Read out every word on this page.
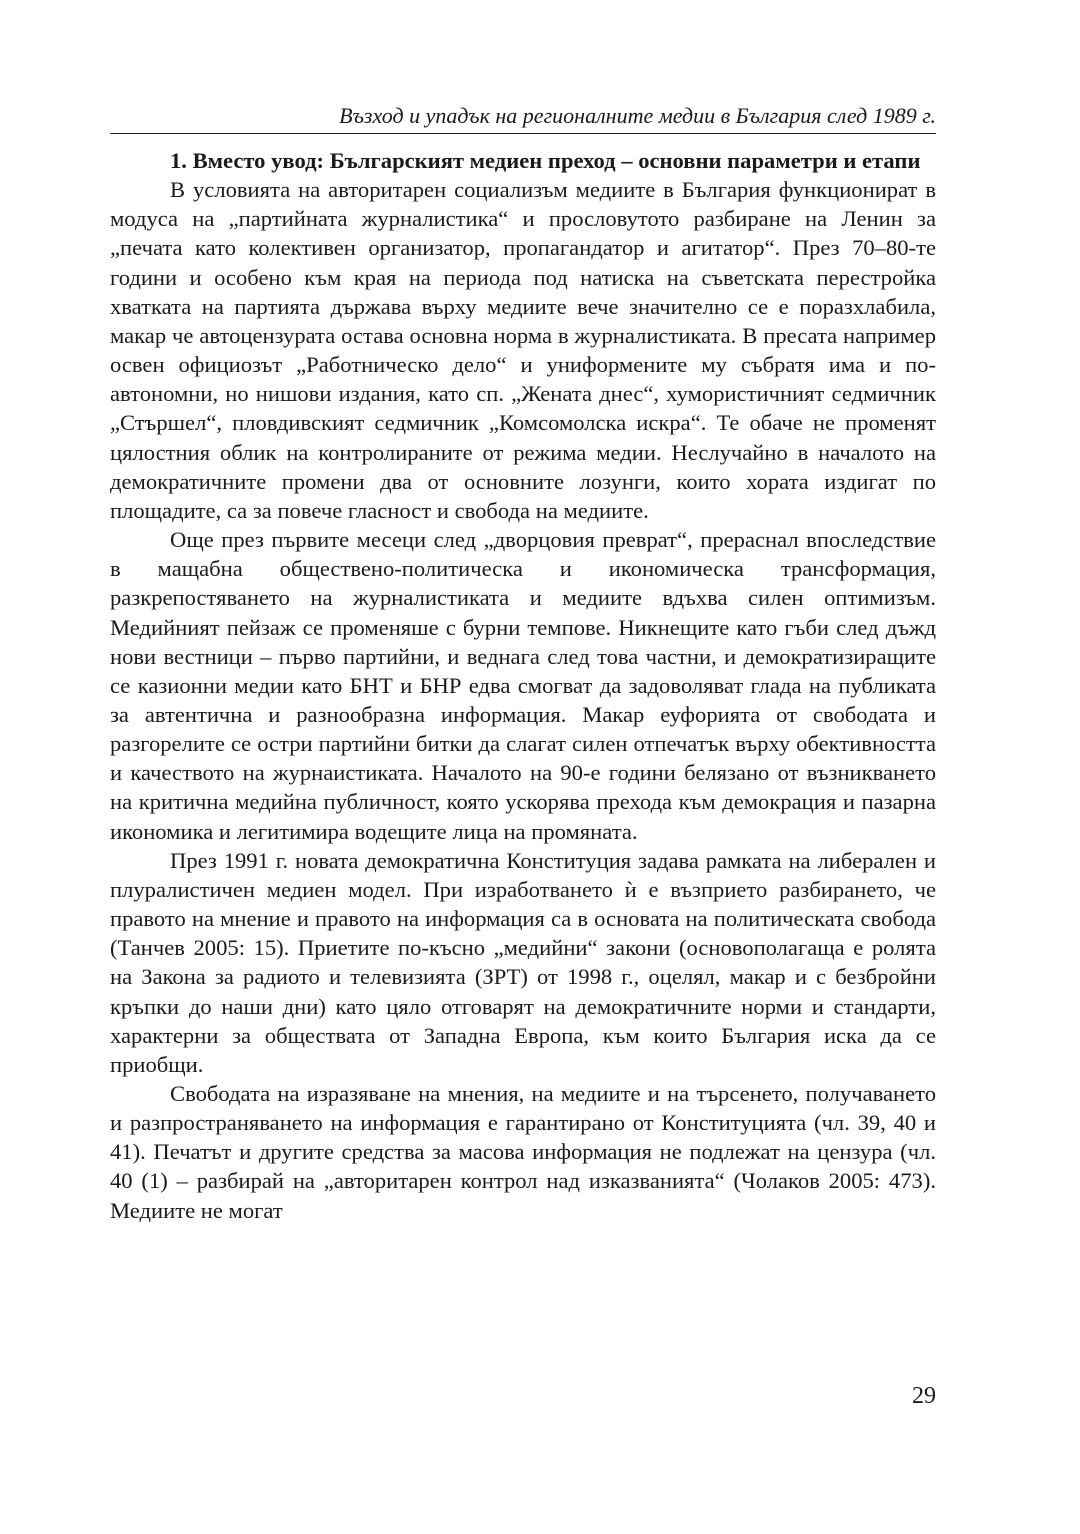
Възход и упадък на регионалните медии в България след 1989 г.
1. Вместо увод: Българският медиен преход – основни параметри и етапи

В условията на авторитарен социализъм медиите в България функционират в модуса на „партийната журналистика“ и прословутото разбиране на Ленин за „печата като колективен организатор, пропагандатор и агитатор“. През 70–80-те години и особено към края на периода под натиска на съветската перестройка хватката на партията държава върху медиите вече значително се е поразхлабила, макар че автоцензурата остава основна норма в журналистиката. В пресата например освен официозът „Работническо дело“ и униформените му събратя има и по-автономни, но нишови издания, като сп. „Жената днес“, хумористичният седмичник „Стършел“, пловдивският седмичник „Комсомолска искра“. Те обаче не променят цялостния облик на контролираните от режима медии. Неслучайно в началото на демократичните промени два от основните лозунги, които хората издигат по площадите, са за повече гласност и свобода на медиите.

Още през първите месеци след „дворцовия преврат“, прераснал впоследствие в мащабна обществено-политическа и икономическа трансформация, разкрепостяването на журналистиката и медиите вдъхва силен оптимизъм. Медийният пейзаж се променяше с бурни темпове. Никнещите като гъби след дъжд нови вестници – първо партийни, и веднага след това частни, и демократизиращите се казионни медии като БНТ и БНР едва смогват да задоволяват глада на публиката за автентична и разнообразна информация. Макар еуфорията от свободата и разгорелите се остри партийни битки да слагат силен отпечатък върху обективността и качеството на журнаистиката. Началото на 90-е години белязано от възникването на критична медийна публичност, която ускорява прехода към демокрация и пазарна икономика и легитимира водещите лица на промяната.

През 1991 г. новата демократична Конституция задава рамката на либерален и плуралистичен медиен модел. При изработването ѝ е възприето разбирането, че правото на мнение и правото на информация са в основата на политическата свобода (Танчев 2005: 15). Приетите по-късно „медийни“ закони (основополагаща е ролята на Закона за радиото и телевизията (ЗРТ) от 1998 г., оцелял, макар и с безбройни кръпки до наши дни) като цяло отговарят на демократичните норми и стандарти, характерни за обществата от Западна Европа, към които България иска да се приобщи.

Свободата на изразяване на мнения, на медиите и на търсенето, получаването и разпространяването на информация е гарантирано от Конституцията (чл. 39, 40 и 41). Печатът и другите средства за масова информация не подлежат на цензура (чл. 40 (1) – разбирай на „авторитарен контрол над изказванията“ (Чолаков 2005: 473). Медиите не могат

29
